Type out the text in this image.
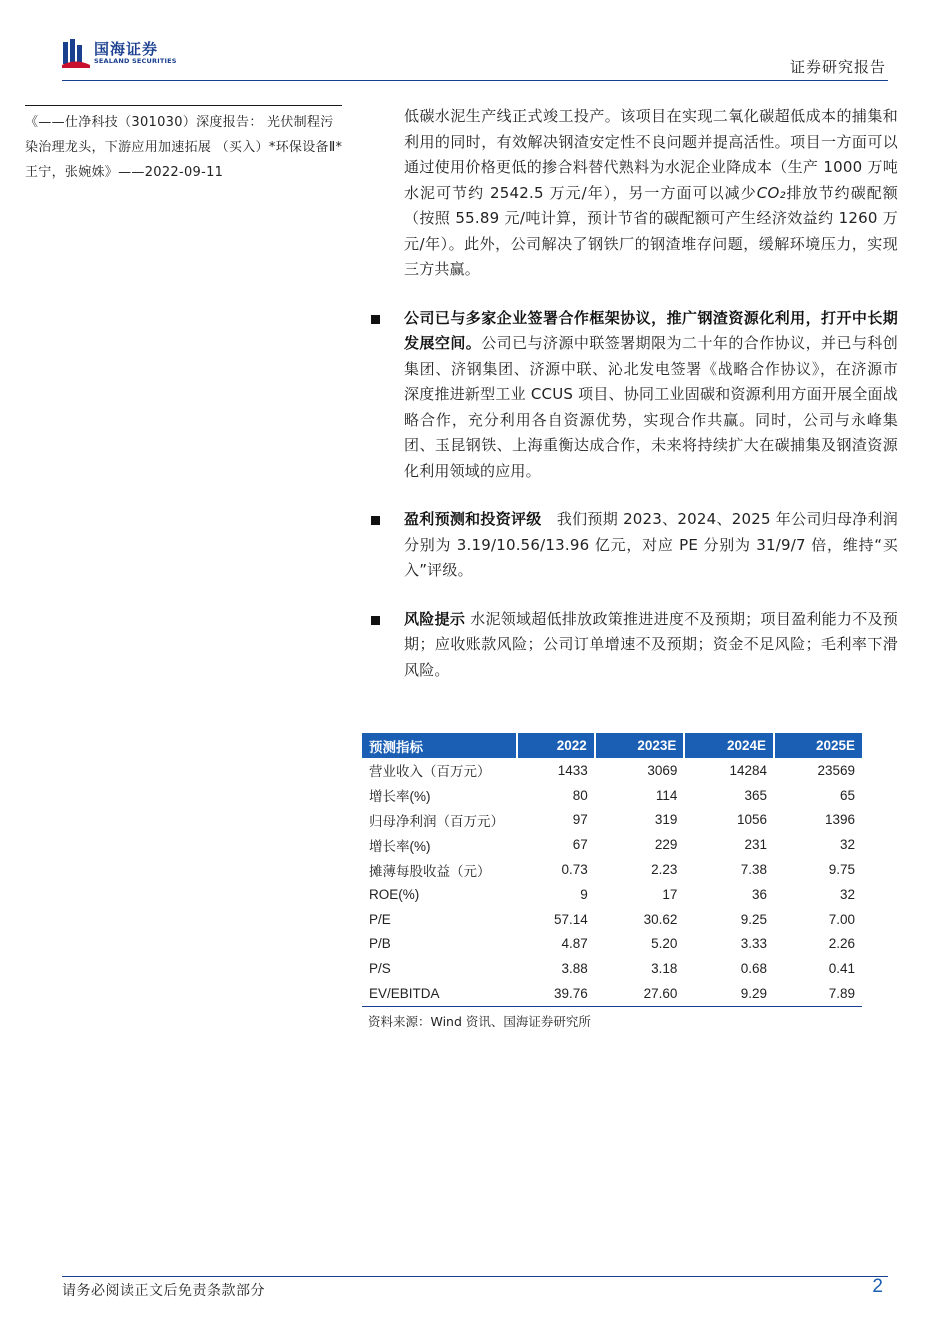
国海证券
SEALAND SECURITIES	证券研究报告
《——仕净科技（301030）深度报告： 光伏制程污染治理龙头，下游应用加速拓展 （买入）*环保设备Ⅱ*王宁，张婉姝》——2022-09-11

低碳水泥生产线正式竣工投产。该项目在实现二氧化碳超低成本的捕集和利用的同时，有效解决钢渣安定性不良问题并提高活性。项目一方面可以通过使用价格更低的掺合料替代熟料为水泥企业降成本（生产 1000 万吨水泥可节约 2542.5 万元/年），另一方面可以减少CO₂排放节约碳配额（按照 55.89 元/吨计算，预计节省的碳配额可产生经济效益约 1260 万元/年）。此外，公司解决了钢铁厂的钢渣堆存问题，缓解环境压力，实现三方共赢。

公司已与多家企业签署合作框架协议，推广钢渣资源化利用，打开中长期发展空间。公司已与济源中联签署期限为二十年的合作协议，并已与科创集团、济钢集团、济源中联、沁北发电签署《战略合作协议》，在济源市深度推进新型工业 CCUS 项目、协同工业固碳和资源利用方面开展全面战略合作，充分利用各自资源优势，实现合作共赢。同时，公司与永峰集团、玉昆钢铁、上海重衡达成合作，未来将持续扩大在碳捕集及钢渣资源化利用领域的应用。

盈利预测和投资评级　我们预期 2023、2024、2025 年公司归母净利润分别为 3.19/10.56/13.96 亿元，对应 PE 分别为 31/9/7 倍，维持“买入”评级。

风险提示 水泥领域超低排放政策推进进度不及预期；项目盈利能力不及预期；应收账款风险；公司订单增速不及预期；资金不足风险；毛利率下滑风险。

预测指标	2022	2023E	2024E	2025E
营业收入（百万元）	1433	3069	14284	23569
增长率(%)	80	114	365	65
归母净利润（百万元）	97	319	1056	1396
增长率(%)	67	229	231	32
摊薄每股收益（元）	0.73	2.23	7.38	9.75
ROE(%)	9	17	36	32
P/E	57.14	30.62	9.25	7.00
P/B	4.87	5.20	3.33	2.26
P/S	3.88	3.18	0.68	0.41
EV/EBITDA	39.76	27.60	9.29	7.89
资料来源：Wind 资讯、国海证券研究所
请务必阅读正文后免责条款部分	2
